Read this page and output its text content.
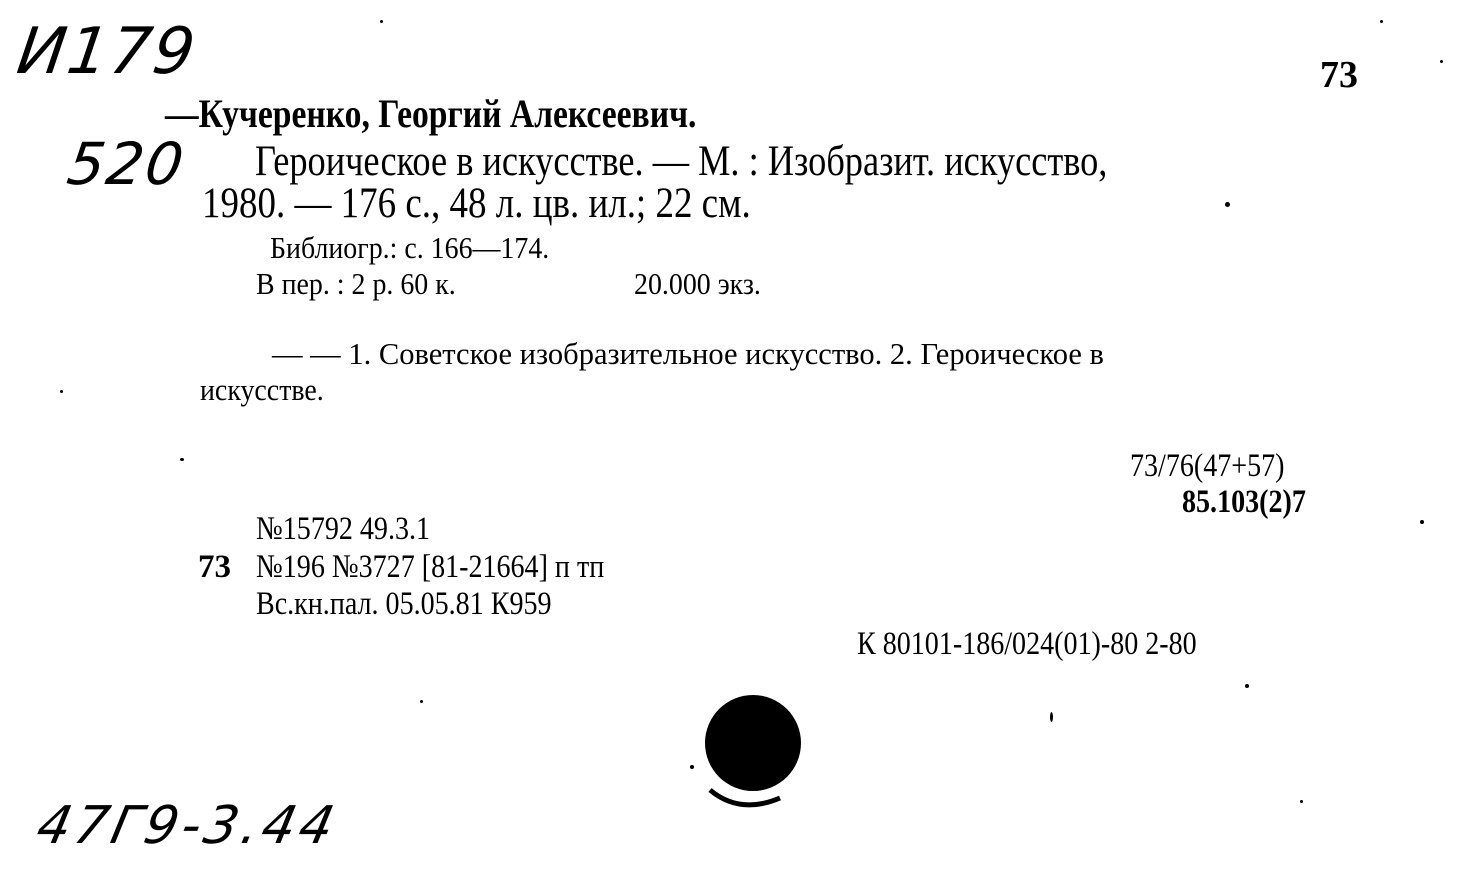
И179
520
73
—Кучеренко, Георгий Алексеевич.
Героическое в искусстве. — М. : Изобразит. искусство,
1980. — 176 с., 48 л. цв. ил.; 22 см.
Библиогр.: с. 166—174.
В пер. : 2 р. 60 к.	20.000 экз.
— — 1. Советское изобразительное искусство. 2. Героическое в
искусстве.
73/76(47+57)
85.103(2)7
№15792 49.3.1
73 №196 №3727 [81-21664] п тп
Вс.кн.пал. 05.05.81 К959
К 80101-186/024(01)-80 2-80
47Г9-3.44
